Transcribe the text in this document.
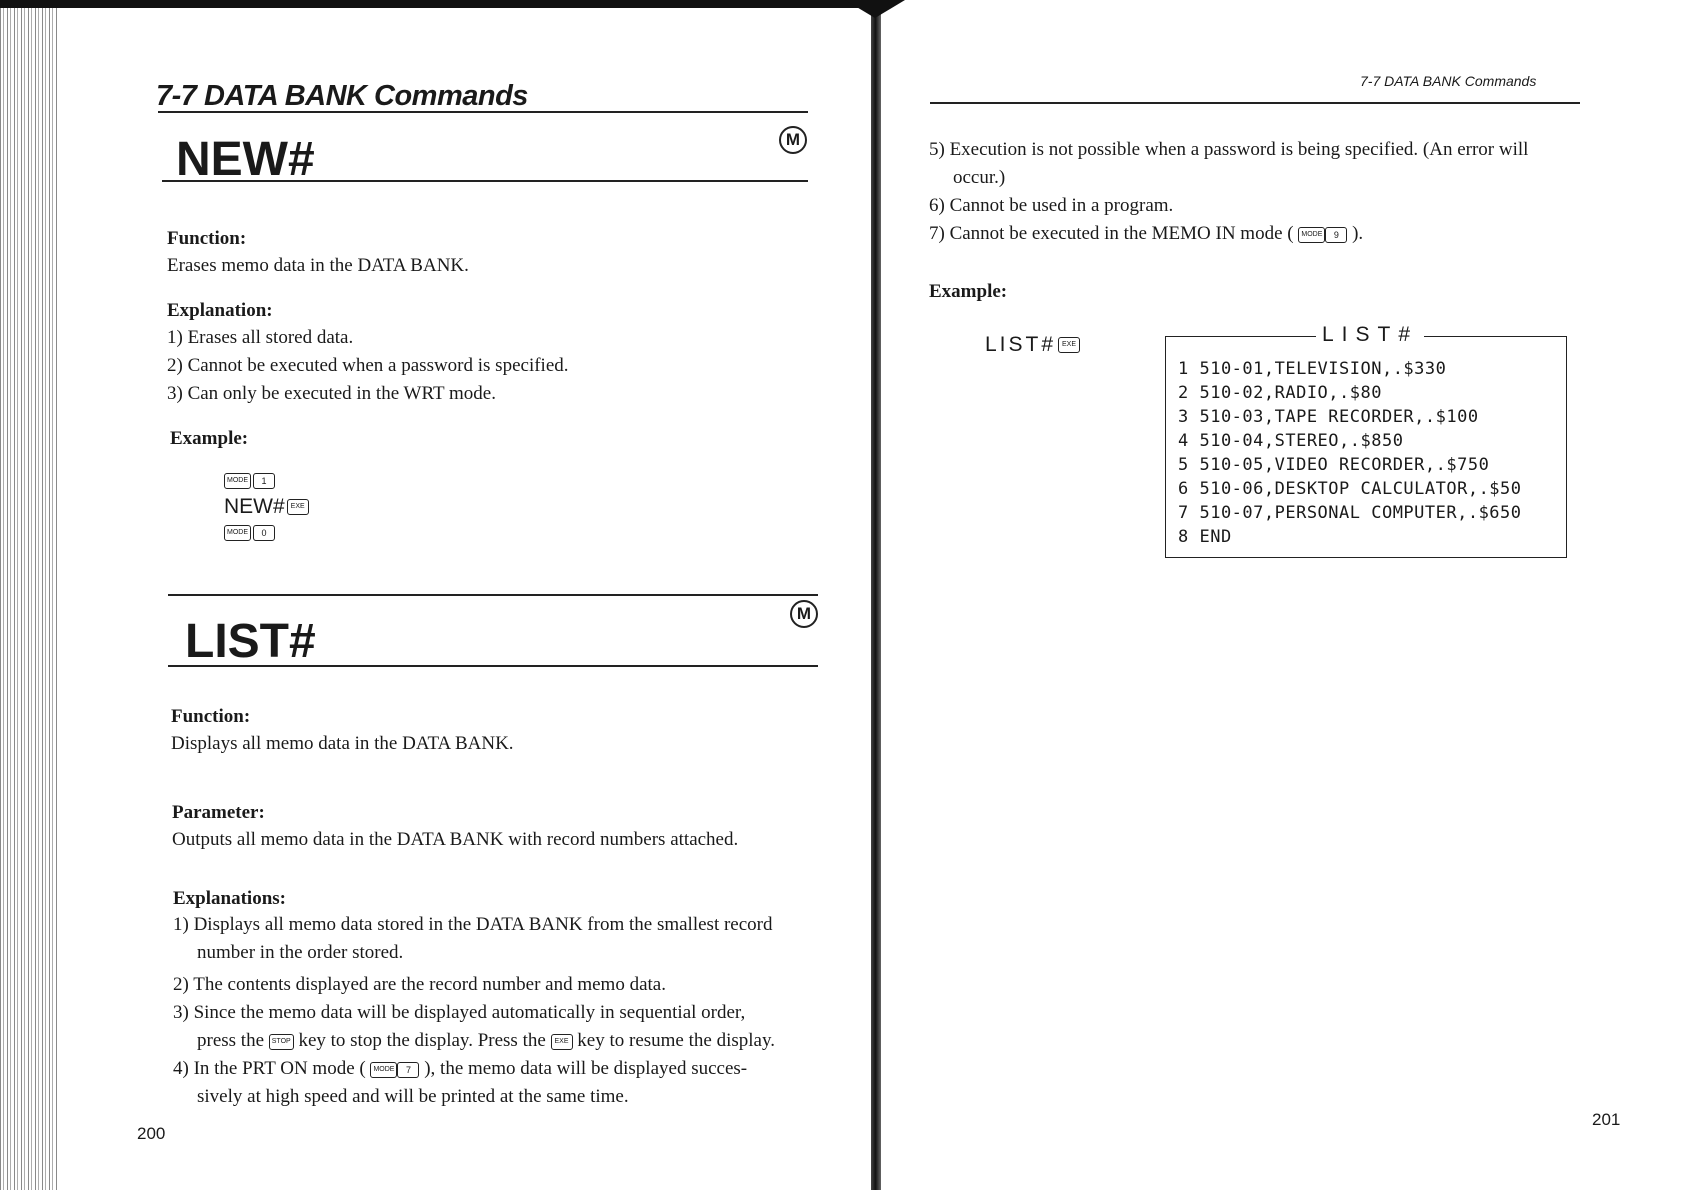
7-7 DATA BANK Commands
NEW#	M
Function:
Erases memo data in the DATA BANK.
Explanation:
1) Erases all stored data.
2) Cannot be executed when a password is specified.
3) Can only be executed in the WRT mode.
Example:
MODE	1
NEW# EXE
MODE	0
LIST#
M
Function:
Displays all memo data in the DATA BANK.
Parameter:
Outputs all memo data in the DATA BANK with record numbers attached.
Explanations:
1) Displays all memo data stored in the DATA BANK from the smallest record
number in the order stored.
2) The contents displayed are the record number and memo data.
3) Since the memo data will be displayed automatically in sequential order,
press the STOP key to stop the display. Press the EXE key to resume the display.
4) In the PRT ON mode ( MODE 7 ), the memo data will be displayed succes-
sively at high speed and will be printed at the same time.
200
7-7 DATA BANK Commands
5) Execution is not possible when a password is being specified. (An error will
occur.)
6) Cannot be used in a program.
7) Cannot be executed in the MEMO IN mode ( MODE 9 ).
Example:
LIST# EXE	LIST#
1 510-01,TELEVISION,.$330
2 510-02,RADIO,.$80
3 510-03,TAPE RECORDER,.$100
4 510-04,STEREO,.$850
5 510-05,VIDEO RECORDER,.$750
6 510-06,DESKTOP CALCULATOR,.$50
7 510-07,PERSONAL COMPUTER,.$650
8 END
201
